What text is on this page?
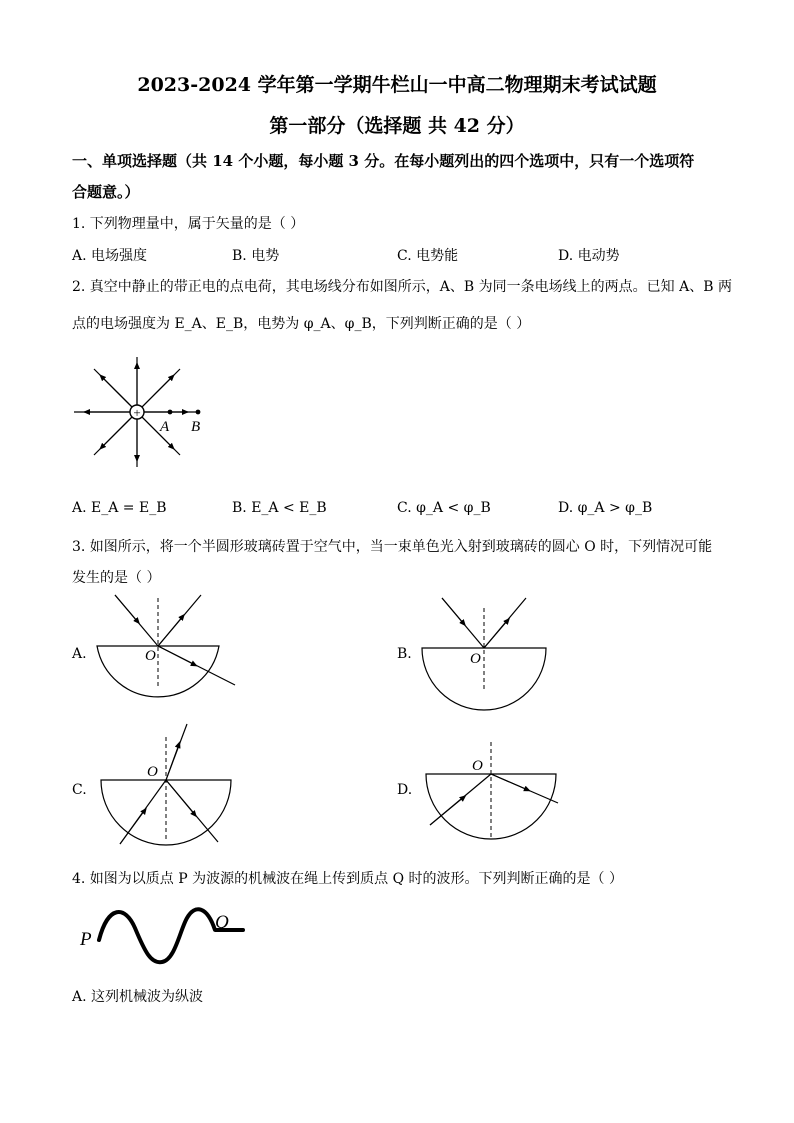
2023-2024 学年第一学期牛栏山一中高二物理期末考试试题
第一部分（选择题 共 42 分）
一、单项选择题（共 14 个小题，每小题 3 分。在每小题列出的四个选项中，只有一个选项符
合题意。）
1. 下列物理量中，属于矢量的是（ ）
A. 电场强度	B. 电势	C. 电势能	D. 电动势
2. 真空中静止的带正电的点电荷，其电场线分布如图所示，A、B 为同一条电场线上的两点。已知 A、B 两
点的电场强度为 E_A、E_B，电势为 φ_A、φ_B，下列判断正确的是（ ）
+
A B
A. E_A = E_B	B. E_A < E_B	C. φ_A < φ_B	D. φ_A > φ_B
3. 如图所示，将一个半圆形玻璃砖置于空气中，当一束单色光入射到玻璃砖的圆心 O 时，下列情况可能
发生的是（ ）
A.	B.
C.	D.
O	O
O	O
4. 如图为以质点 P 为波源的机械波在绳上传到质点 Q 时的波形。下列判断正确的是（ ）
P
Q
A. 这列机械波为纵波
